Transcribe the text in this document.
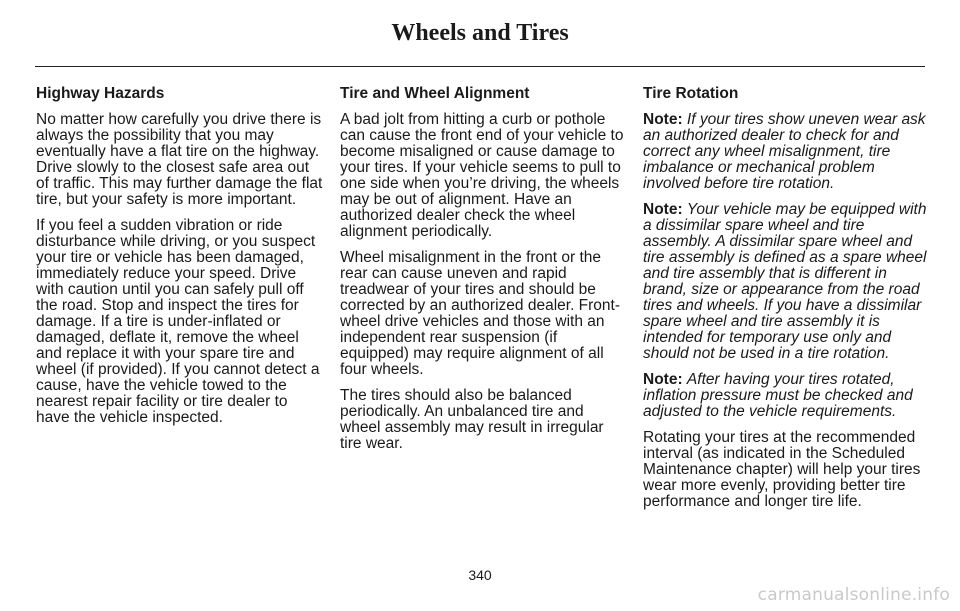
Wheels and Tires
Highway Hazards
No matter how carefully you drive there is always the possibility that you may eventually have a flat tire on the highway. Drive slowly to the closest safe area out of traffic. This may further damage the flat tire, but your safety is more important.
If you feel a sudden vibration or ride disturbance while driving, or you suspect your tire or vehicle has been damaged, immediately reduce your speed. Drive with caution until you can safely pull off the road. Stop and inspect the tires for damage. If a tire is under-inflated or damaged, deflate it, remove the wheel and replace it with your spare tire and wheel (if provided). If you cannot detect a cause, have the vehicle towed to the nearest repair facility or tire dealer to have the vehicle inspected.
Tire and Wheel Alignment
A bad jolt from hitting a curb or pothole can cause the front end of your vehicle to become misaligned or cause damage to your tires. If your vehicle seems to pull to one side when you’re driving, the wheels may be out of alignment. Have an authorized dealer check the wheel alignment periodically.
Wheel misalignment in the front or the rear can cause uneven and rapid treadwear of your tires and should be corrected by an authorized dealer. Front-wheel drive vehicles and those with an independent rear suspension (if equipped) may require alignment of all four wheels.
The tires should also be balanced periodically. An unbalanced tire and wheel assembly may result in irregular tire wear.
Tire Rotation
Note: If your tires show uneven wear ask an authorized dealer to check for and correct any wheel misalignment, tire imbalance or mechanical problem involved before tire rotation.
Note: Your vehicle may be equipped with a dissimilar spare wheel and tire assembly. A dissimilar spare wheel and tire assembly is defined as a spare wheel and tire assembly that is different in brand, size or appearance from the road tires and wheels. If you have a dissimilar spare wheel and tire assembly it is intended for temporary use only and should not be used in a tire rotation.
Note: After having your tires rotated, inflation pressure must be checked and adjusted to the vehicle requirements.
Rotating your tires at the recommended interval (as indicated in the Scheduled Maintenance chapter) will help your tires wear more evenly, providing better tire performance and longer tire life.
340
carmanualsonline.info
